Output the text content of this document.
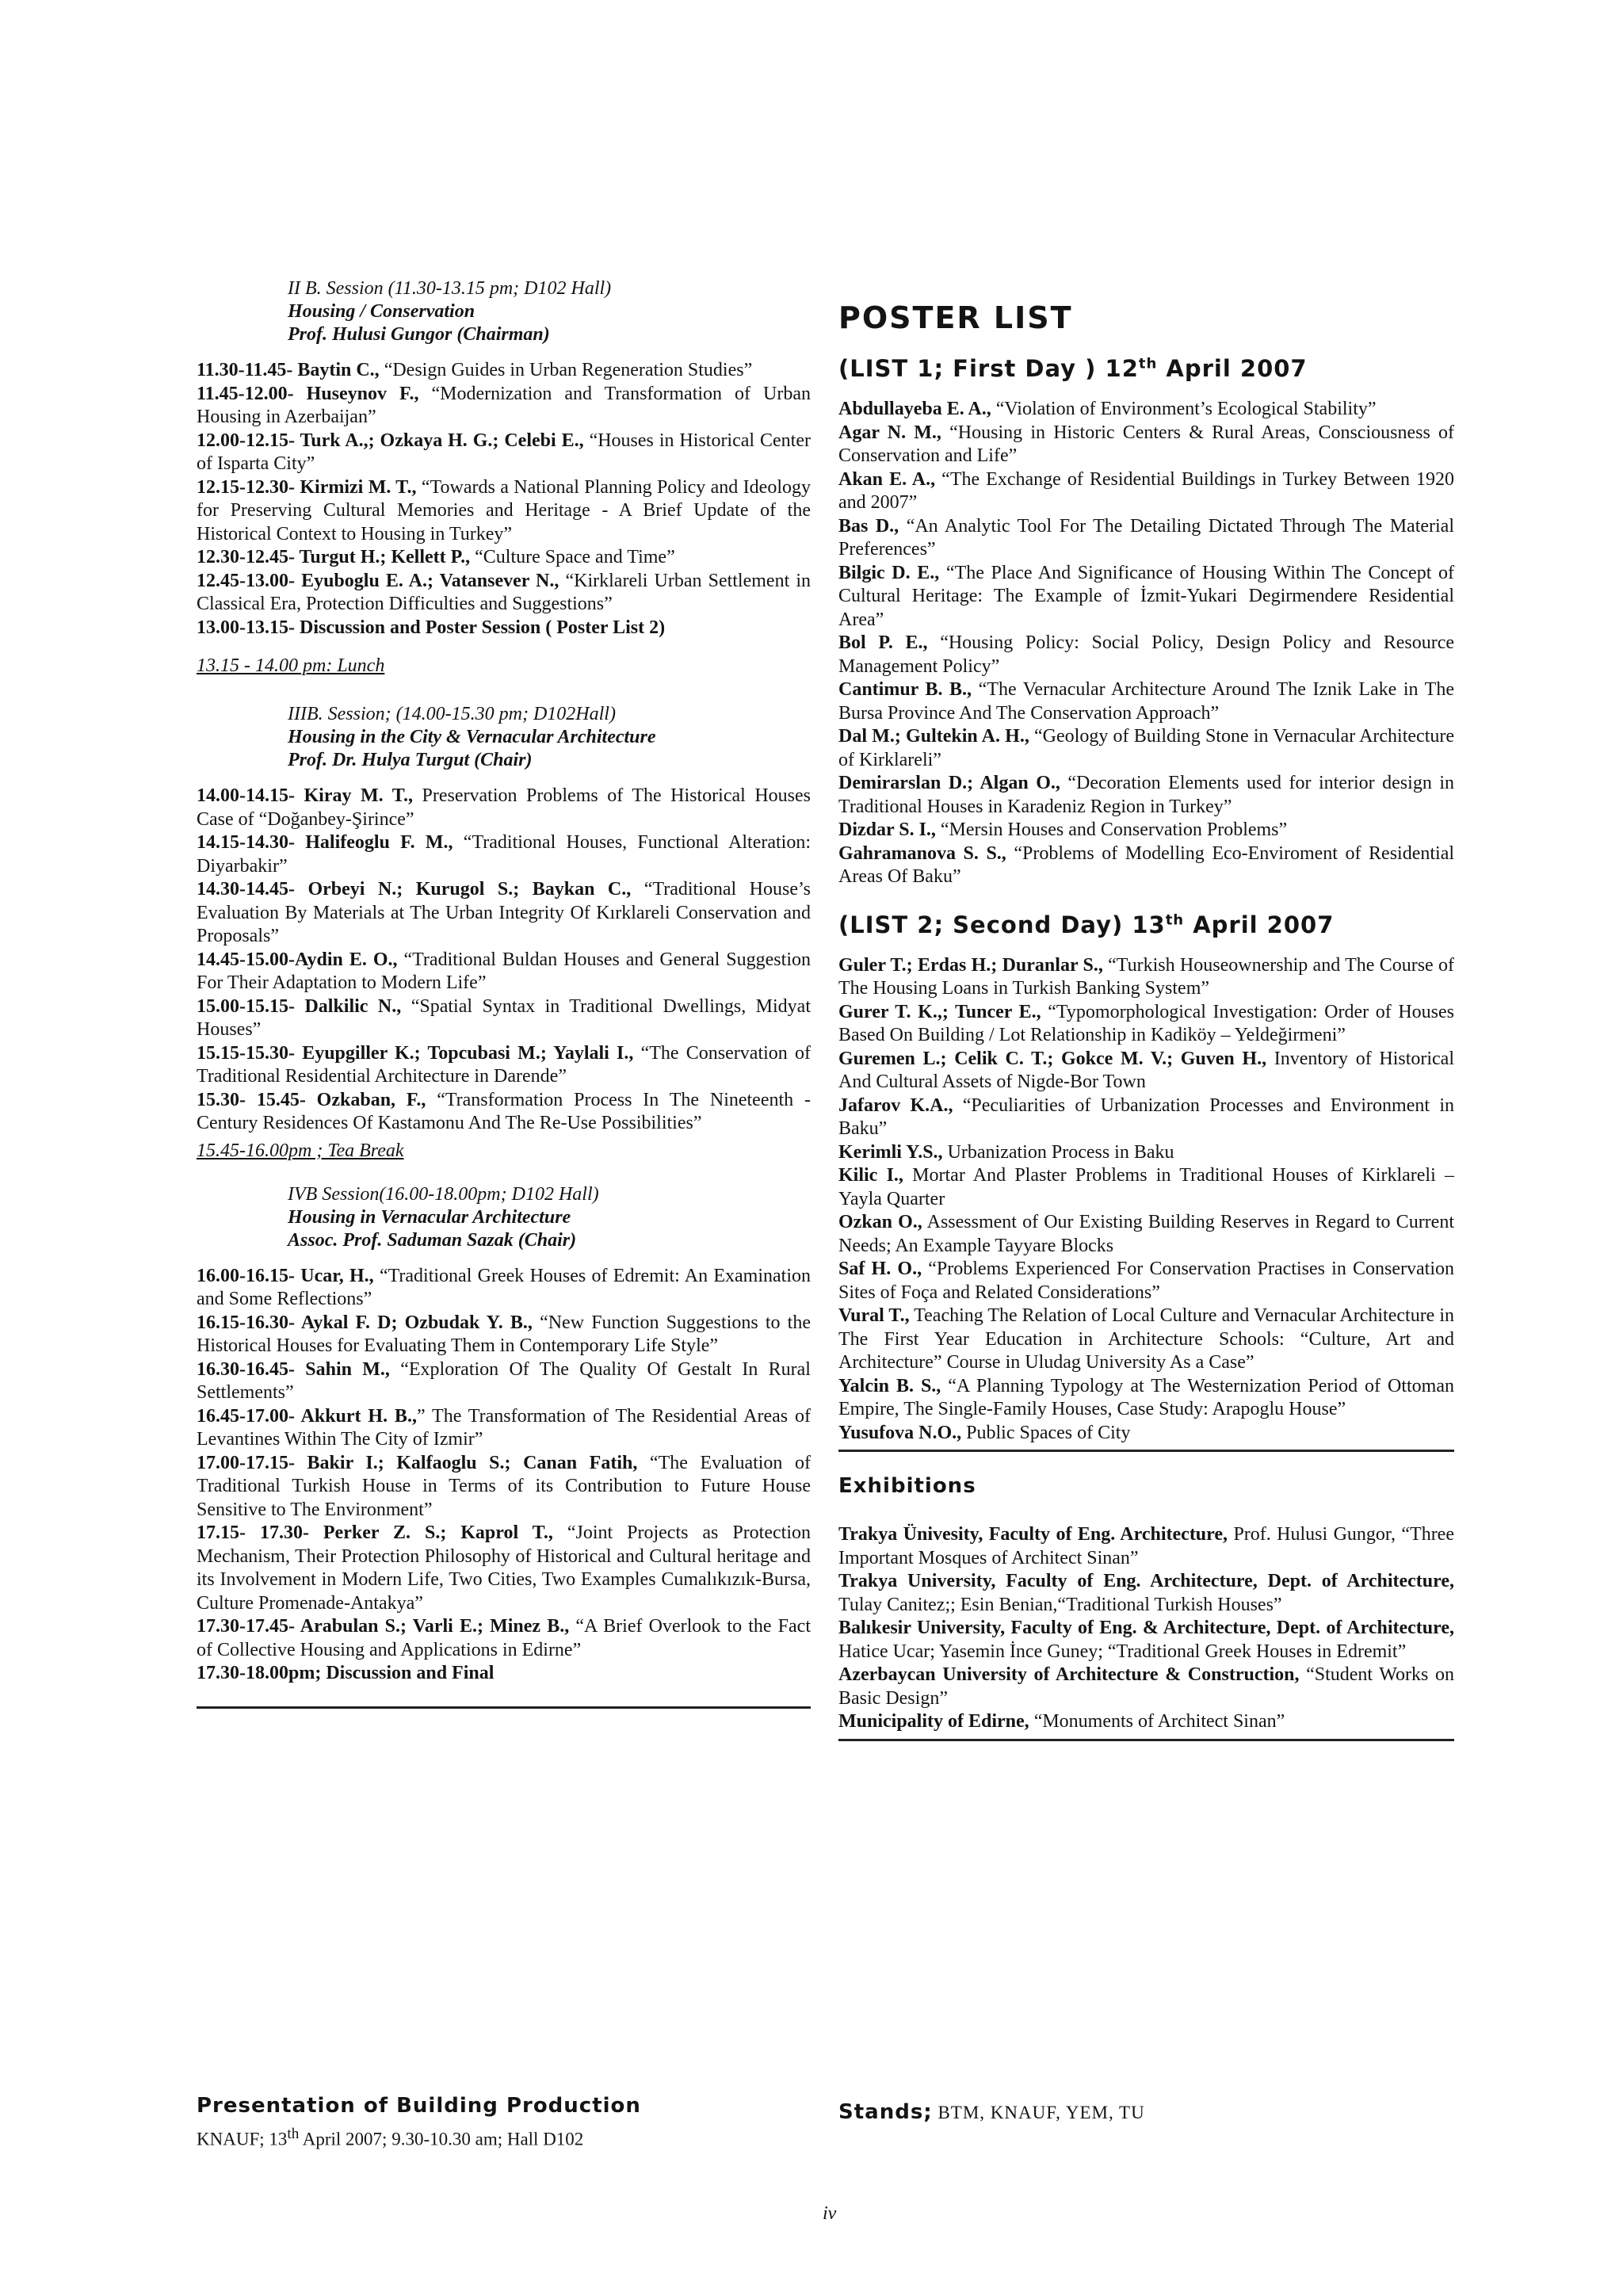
II B. Session (11.30-13.15 pm; D102 Hall)
Housing / Conservation
Prof. Hulusi Gungor (Chairman)

11.30-11.45- Baytin C., “Design Guides in Urban Regeneration Studies”

11.45-12.00- Huseynov F., “Modernization and Transformation of Urban Housing in Azerbaijan”

12.00-12.15- Turk A.,; Ozkaya H. G.; Celebi E., “Houses in Historical Center of Isparta City”

12.15-12.30- Kirmizi M. T., “Towards a National Planning Policy and Ideology for Preserving Cultural Memories and Heritage - A Brief Update of the Historical Context to Housing in Turkey”

12.30-12.45- Turgut H.; Kellett P., “Culture Space and Time”

12.45-13.00- Eyuboglu E. A.; Vatansever N., “Kirklareli Urban Settlement in Classical Era, Protection Difficulties and Suggestions”

13.00-13.15- Discussion and Poster Session ( Poster List 2)

13.15 - 14.00 pm: Lunch
IIIB. Session; (14.00-15.30 pm; D102Hall)
Housing in the City & Vernacular Architecture
Prof. Dr. Hulya Turgut (Chair)

14.00-14.15- Kiray M. T., Preservation Problems of The Historical Houses Case of “Doğanbey-Şirince”

14.15-14.30- Halifeoglu F. M., “Traditional Houses, Functional Alteration: Diyarbakir”

14.30-14.45- Orbeyi N.; Kurugol S.; Baykan C., “Traditional House’s Evaluation By Materials at The Urban Integrity Of Kırklareli Conservation and Proposals”

14.45-15.00-Aydin E. O., “Traditional Buldan Houses and General Suggestion For Their Adaptation to Modern Life”

15.00-15.15- Dalkilic N., “Spatial Syntax in Traditional Dwellings, Midyat Houses”

15.15-15.30- Eyupgiller K.; Topcubasi M.; Yaylali I., “The Conservation of Traditional Residential Architecture in Darende”

15.30- 15.45- Ozkaban, F., “Transformation Process In The Nineteenth -Century Residences Of Kastamonu And The Re-Use Possibilities”

15.45-16.00pm ; Tea Break
IVB Session(16.00-18.00pm; D102 Hall)
Housing in Vernacular Architecture
Assoc. Prof. Saduman Sazak (Chair)

16.00-16.15- Ucar, H., “Traditional Greek Houses of Edremit: An Examination and Some Reflections”

16.15-16.30- Aykal F. D; Ozbudak Y. B., “New Function Suggestions to the Historical Houses for Evaluating Them in Contemporary Life Style”

16.30-16.45- Sahin M., “Exploration Of The Quality Of Gestalt In Rural Settlements”

16.45-17.00- Akkurt H. B.,” The Transformation of The Residential Areas of Levantines Within The City of Izmir”

17.00-17.15- Bakir I.; Kalfaoglu S.; Canan Fatih, “The Evaluation of Traditional Turkish House in Terms of its Contribution to Future House Sensitive to The Environment”

17.15- 17.30- Perker Z. S.; Kaprol T., “Joint Projects as Protection Mechanism, Their Protection Philosophy of Historical and Cultural heritage and its Involvement in Modern Life, Two Cities, Two Examples Cumalıkızık-Bursa, Culture Promenade-Antakya”

17.30-17.45- Arabulan S.; Varli E.; Minez B., “A Brief Overlook to the Fact of Collective Housing and Applications in Edirne”

17.30-18.00pm; Discussion and Final

POSTER LIST
(LIST 1; First Day ) 12th April 2007

Abdullayeba E. A., “Violation of Environment’s Ecological Stability”

Agar N. M., “Housing in Historic Centers & Rural Areas, Consciousness of Conservation and Life”

Akan E. A., “The Exchange of Residential Buildings in Turkey Between 1920 and 2007”

Bas D., “An Analytic Tool For The Detailing Dictated Through The Material Preferences”

Bilgic D. E., “The Place And Significance of Housing Within The Concept of Cultural Heritage: The Example of İzmit-Yukari Degirmendere Residential Area”

Bol P. E., “Housing Policy: Social Policy, Design Policy and Resource Management Policy”

Cantimur B. B., “The Vernacular Architecture Around The Iznik Lake in The Bursa Province And The Conservation Approach”

Dal M.; Gultekin A. H., “Geology of Building Stone in Vernacular Architecture of Kirklareli”

Demirarslan D.; Algan O., “Decoration Elements used for interior design in Traditional Houses in Karadeniz Region in Turkey”

Dizdar S. I., “Mersin Houses and Conservation Problems”

Gahramanova S. S., “Problems of Modelling Eco-Enviroment of Residential Areas Of Baku”

(LIST 2; Second Day) 13th April 2007

Guler T.; Erdas H.; Duranlar S., “Turkish Houseownership and The Course of The Housing Loans in Turkish Banking System”

Gurer T. K.,; Tuncer E., “Typomorphological Investigation: Order of Houses Based On Building / Lot Relationship in Kadiköy – Yeldeğirmeni”

Guremen L.; Celik C. T.; Gokce M. V.; Guven H., Inventory of Historical And Cultural Assets of Nigde-Bor Town

Jafarov K.A., “Peculiarities of Urbanization Processes and Environment in Baku”

Kerimli Y.S., Urbanization Process in Baku

Kilic I., Mortar And Plaster Problems in Traditional Houses of Kirklareli – Yayla Quarter

Ozkan O., Assessment of Our Existing Building Reserves in Regard to Current Needs; An Example Tayyare Blocks

Saf H. O., “Problems Experienced For Conservation Practises in Conservation Sites of Foça and Related Considerations”

Vural T., Teaching The Relation of Local Culture and Vernacular Architecture in The First Year Education in Architecture Schools: “Culture, Art and Architecture” Course in Uludag University As a Case”

Yalcin B. S., “A Planning Typology at The Westernization Period of Ottoman Empire, The Single-Family Houses, Case Study: Arapoglu House”

Yusufova N.O., Public Spaces of City

Exhibitions

Trakya Ünivesity, Faculty of Eng. Architecture, Prof. Hulusi Gungor, “Three Important Mosques of Architect Sinan”

Trakya University, Faculty of Eng. Architecture, Dept. of Architecture, Tulay Canitez;; Esin Benian,“Traditional Turkish Houses”

Balıkesir University, Faculty of Eng. & Architecture, Dept. of Architecture, Hatice Ucar; Yasemin İnce Guney; “Traditional Greek Houses in Edremit”

Azerbaycan University of Architecture & Construction, “Student Works on Basic Design”

Municipality of Edirne, “Monuments of Architect Sinan”

Presentation of Building Production
KNAUF; 13th April 2007; 9.30-10.30 am; Hall D102
Stands; BTM, KNAUF, YEM, TU
iv
